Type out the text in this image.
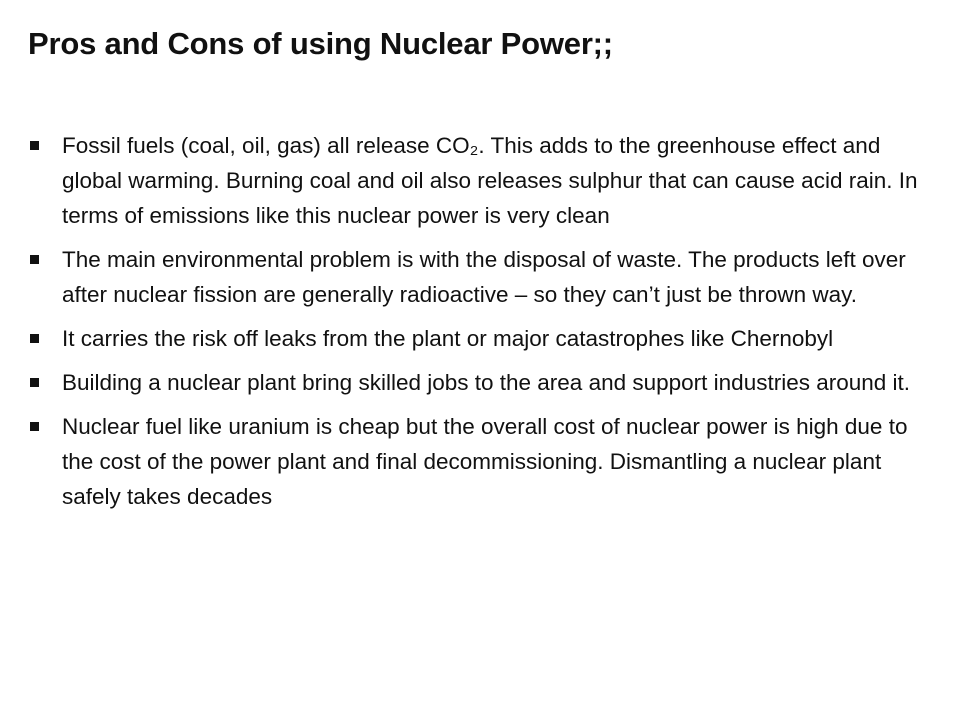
Pros and Cons of using Nuclear Power;;
Fossil fuels (coal, oil, gas) all release CO₂. This adds to the greenhouse effect and global warming. Burning coal and oil also releases sulphur that can cause acid rain. In terms of emissions like this nuclear power is very clean
The main environmental problem is with the disposal of waste. The products left over after nuclear fission are generally radioactive – so they can’t just be thrown way.
It carries the risk off leaks from the plant or major catastrophes like Chernobyl
Building a nuclear plant bring skilled jobs to the area and support industries around it.
Nuclear fuel like uranium is cheap but the overall cost of nuclear power is high due to the cost of the power plant and final decommissioning. Dismantling a nuclear plant safely takes decades
